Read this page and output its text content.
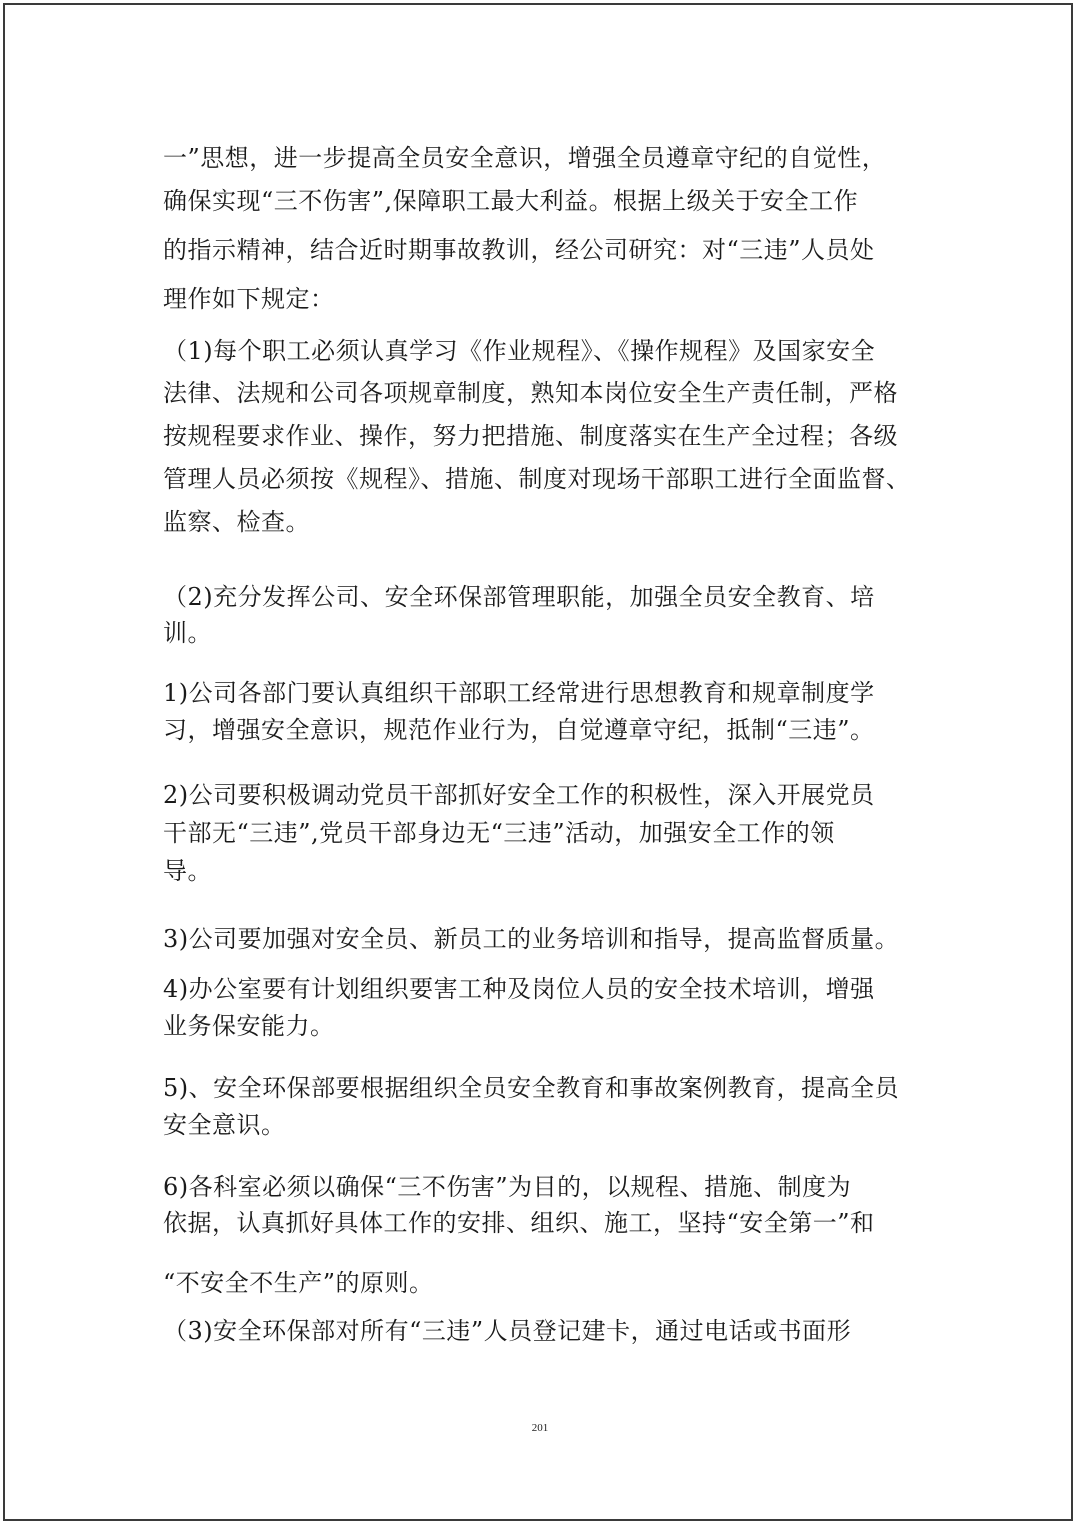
一”思想，进一步提高全员安全意识，增强全员遵章守纪的自觉性，
确保实现“三不伤害”,保障职工最大利益。根据上级关于安全工作
的指示精神，结合近时期事故教训，经公司研究：对“三违”人员处
理作如下规定：
（1)每个职工必须认真学习《作业规程》、《操作规程》及国家安全
法律、法规和公司各项规章制度，熟知本岗位安全生产责任制，严格
按规程要求作业、操作，努力把措施、制度落实在生产全过程；各级
管理人员必须按《规程》、措施、制度对现场干部职工进行全面监督、
监察、检查。
（2)充分发挥公司、安全环保部管理职能，加强全员安全教育、培
训。
1)公司各部门要认真组织干部职工经常进行思想教育和规章制度学
习，增强安全意识，规范作业行为，自觉遵章守纪，抵制“三违”。
2)公司要积极调动党员干部抓好安全工作的积极性，深入开展党员
干部无“三违”,党员干部身边无“三违”活动，加强安全工作的领
导。
3)公司要加强对安全员、新员工的业务培训和指导，提高监督质量。
4)办公室要有计划组织要害工种及岗位人员的安全技术培训，增强
业务保安能力。
5)、安全环保部要根据组织全员安全教育和事故案例教育，提高全员
安全意识。
6)各科室必须以确保“三不伤害”为目的，以规程、措施、制度为
依据，认真抓好具体工作的安排、组织、施工，坚持“安全第一”和
“不安全不生产”的原则。
（3)安全环保部对所有“三违”人员登记建卡，通过电话或书面形
201
